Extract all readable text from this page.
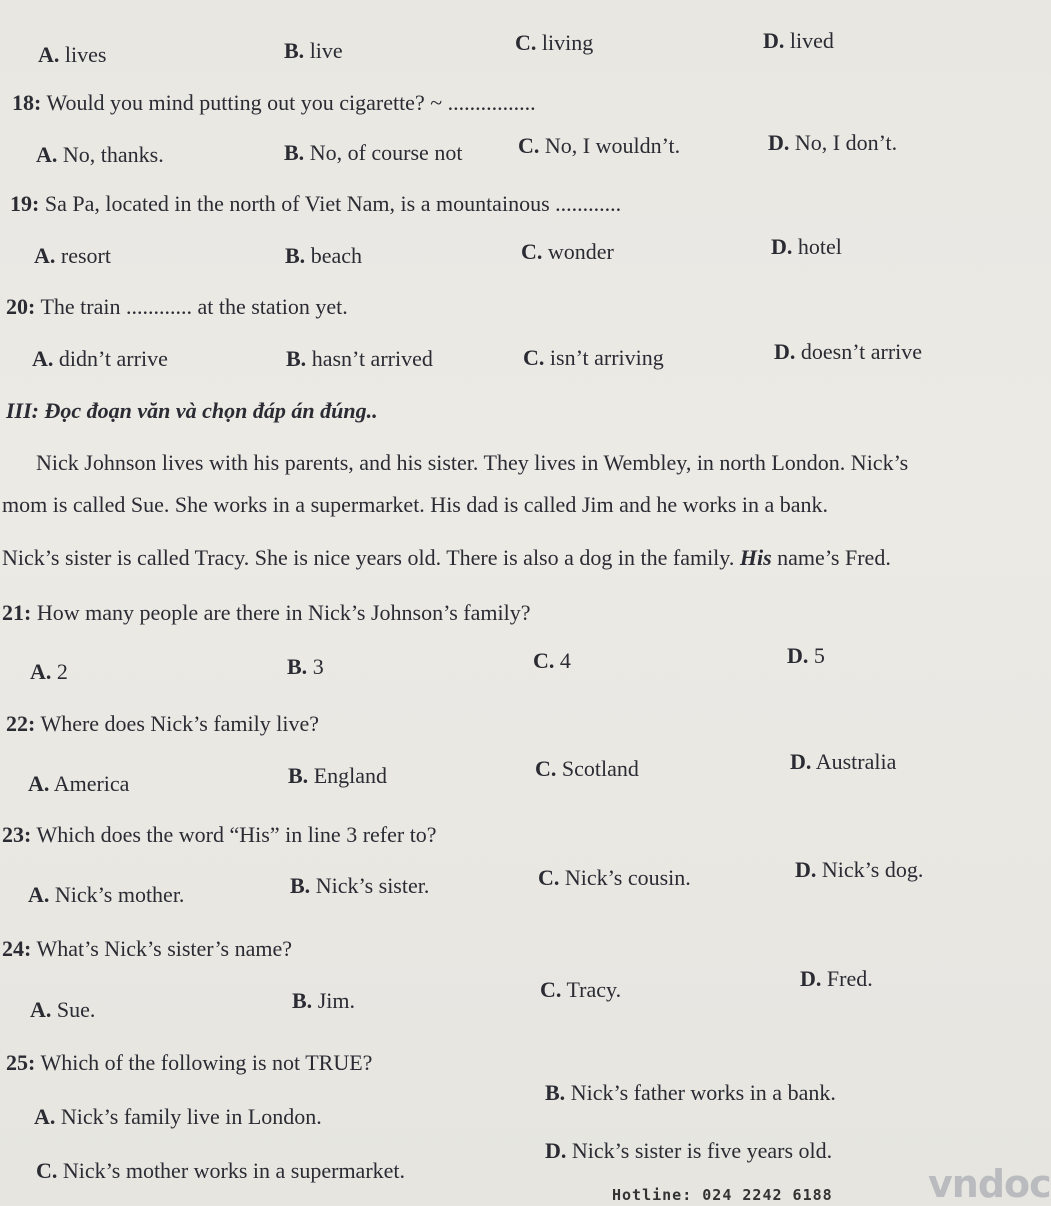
A. lives	B. live	C. living	D. lived
18: Would you mind putting out you cigarette? ~ ................
A. No, thanks.	B. No, of course not	C. No, I wouldn’t.	D. No, I don’t.
19: Sa Pa, located in the north of Viet Nam, is a mountainous ............
A. resort	B. beach	C. wonder	D. hotel
20: The train ............ at the station yet.
A. didn’t arrive	B. hasn’t arrived	C. isn’t arriving	D. doesn’t arrive
III: Đọc đoạn văn và chọn đáp án đúng..
Nick Johnson lives with his parents, and his sister. They lives in Wembley, in north London. Nick’s
mom is called Sue. She works in a supermarket. His dad is called Jim and he works in a bank.
Nick’s sister is called Tracy. She is nice years old. There is also a dog in the family. His name’s Fred.
21: How many people are there in Nick’s Johnson’s family?
A. 2	B. 3	C. 4	D. 5
22: Where does Nick’s family live?
A. America	B. England	C. Scotland	D. Australia
23: Which does the word “His” in line 3 refer to?
A. Nick’s mother.	B. Nick’s sister.	C. Nick’s cousin.	D. Nick’s dog.
24: What’s Nick’s sister’s name?
A. Sue.	B. Jim.	C. Tracy.	D. Fred.
25: Which of the following is not TRUE?
A. Nick’s family live in London.
B. Nick’s father works in a bank.
C. Nick’s mother works in a supermarket.
D. Nick’s sister is five years old.
Hotline: 024 2242 6188	vndoc
